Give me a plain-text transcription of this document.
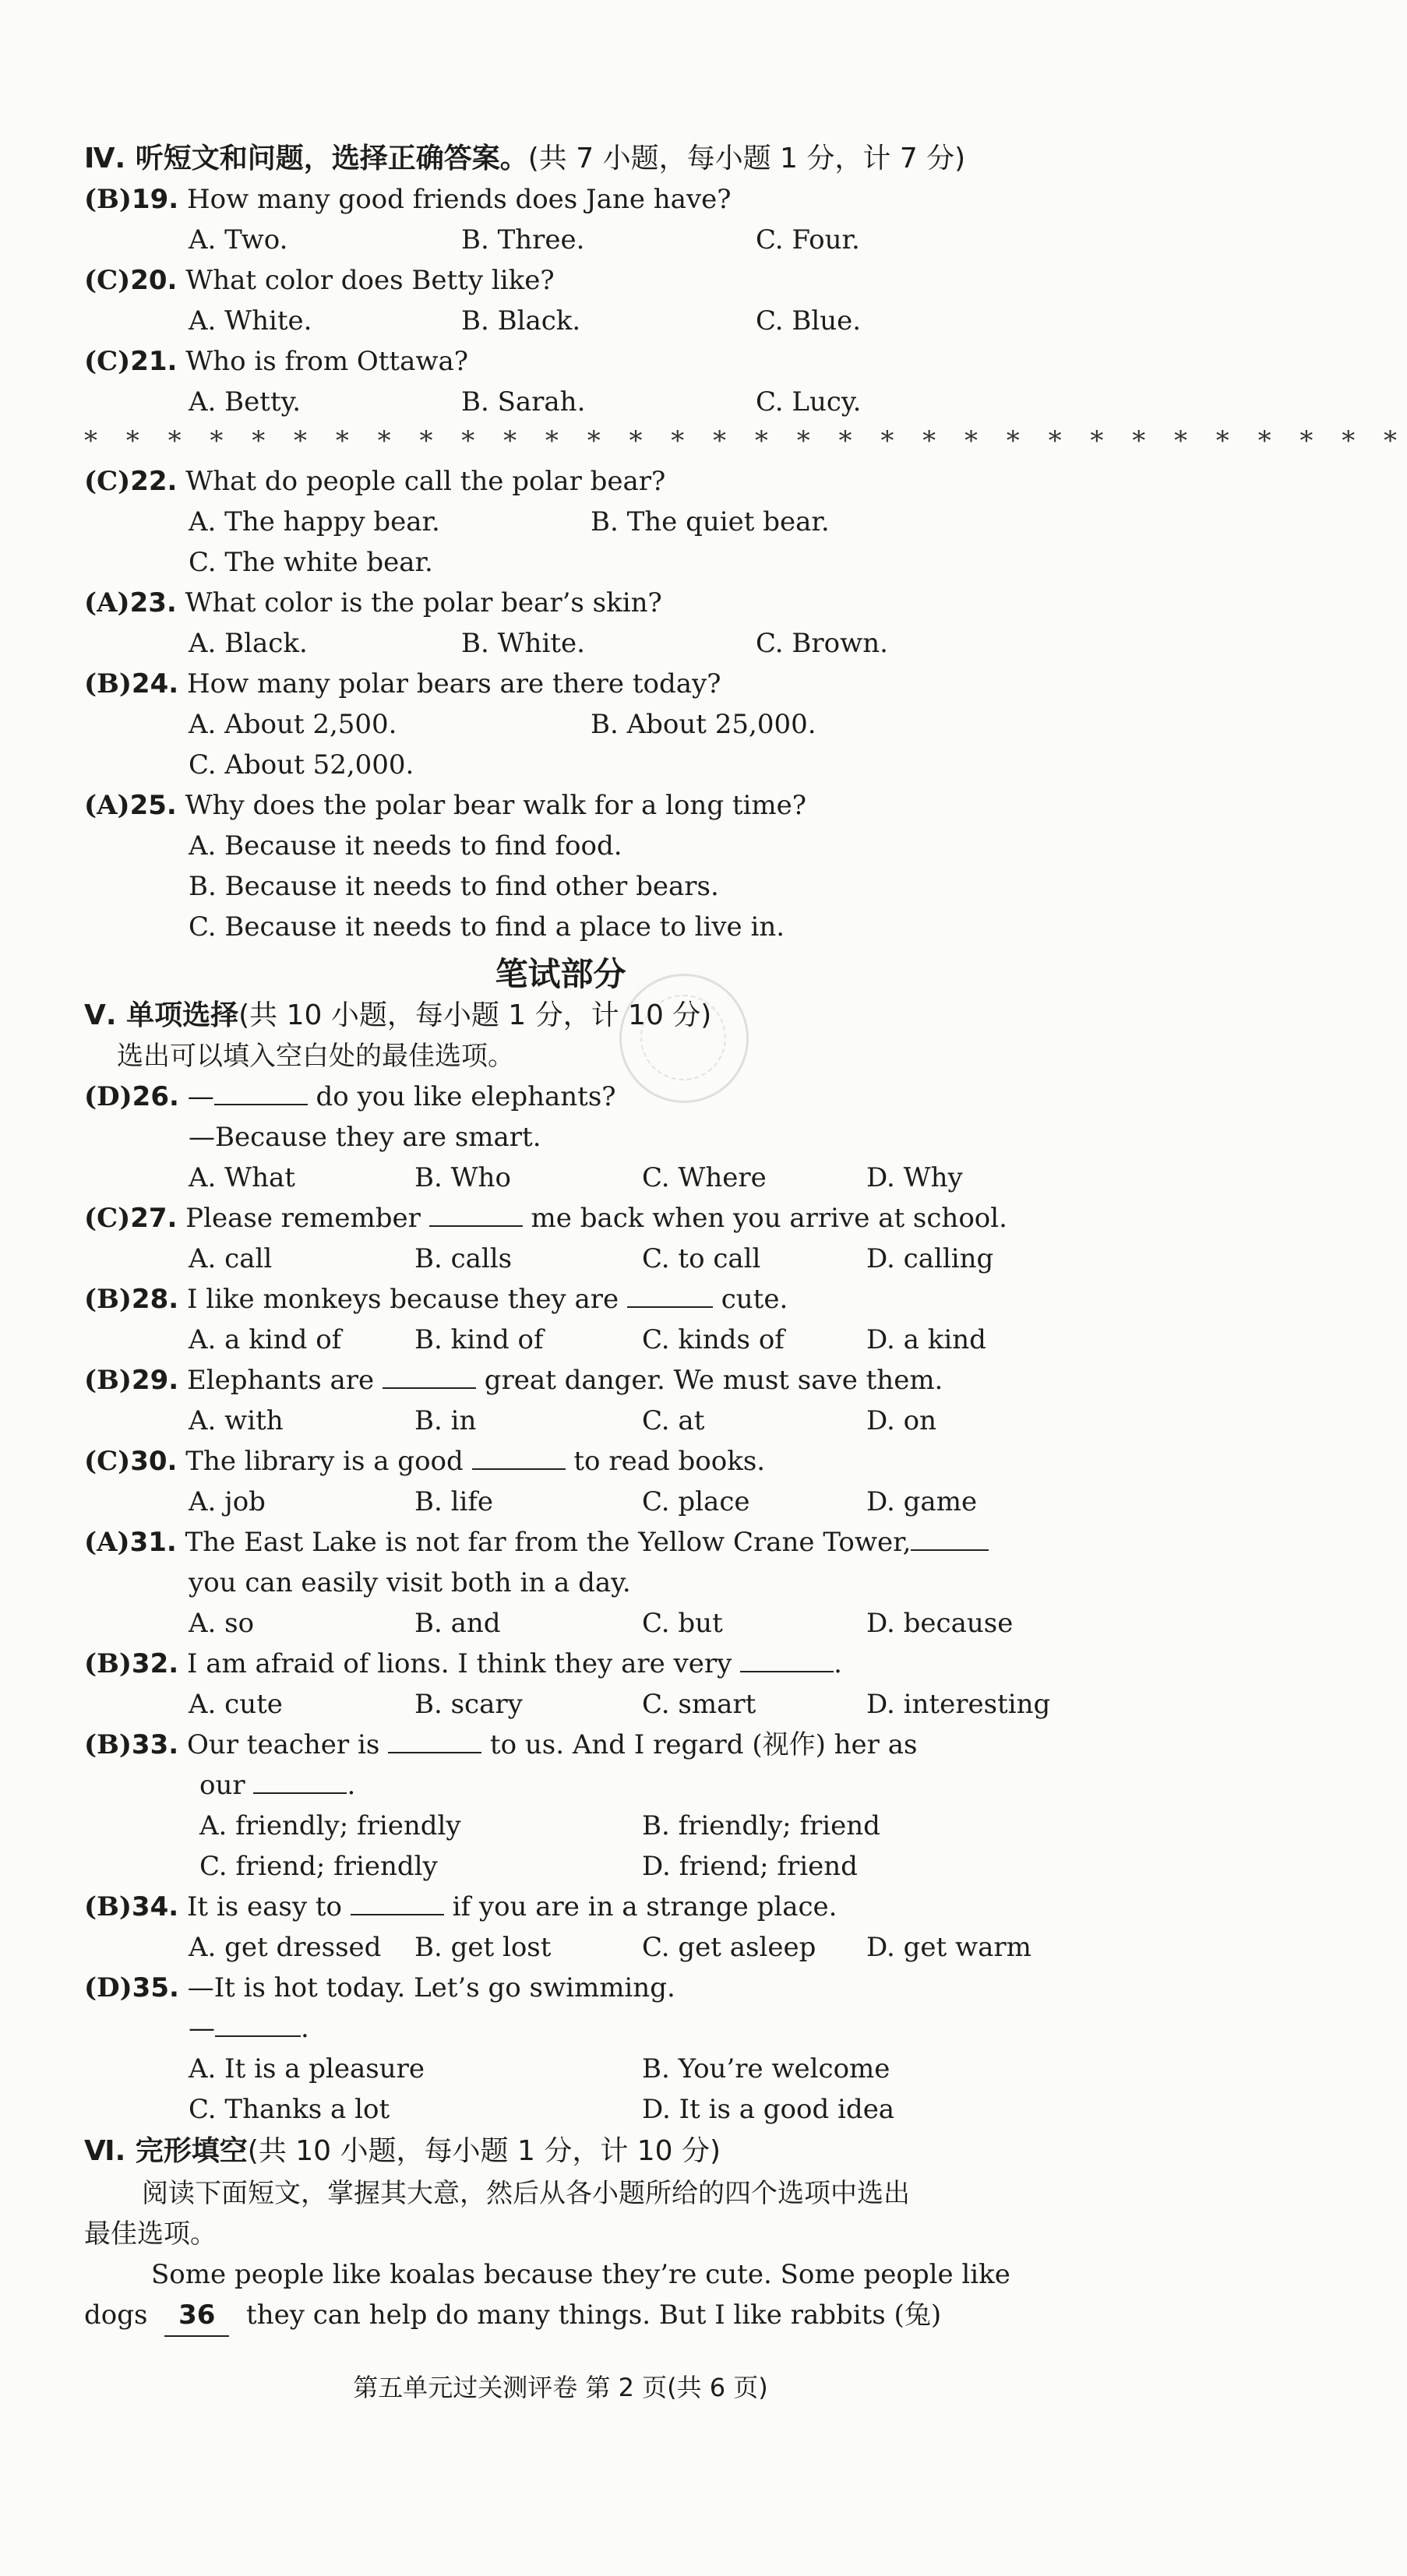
Ⅳ. 听短文和问题，选择正确答案。(共 7 小题，每小题 1 分，计 7 分)
(B)19. How many good friends does Jane have?
A. Two.	B. Three.	C. Four.
(C)20. What color does Betty like?
A. White.	B. Black.	C. Blue.
(C)21. Who is from Ottawa?
A. Betty.	B. Sarah.	C. Lucy.
* * * * * * * * * * * * * * * * * * * * * * * * * * * * * * * *
(C)22. What do people call the polar bear?
A. The happy bear.	B. The quiet bear.
C. The white bear.
(A)23. What color is the polar bear’s skin?
A. Black.	B. White.	C. Brown.
(B)24. How many polar bears are there today?
A. About 2,500.	B. About 25,000.
C. About 52,000.
(A)25. Why does the polar bear walk for a long time?
A. Because it needs to find food.
B. Because it needs to find other bears.
C. Because it needs to find a place to live in.
笔试部分
Ⅴ. 单项选择(共 10 小题，每小题 1 分，计 10 分)
选出可以填入空白处的最佳选项。
(D)26. —	do you like elephants?
—Because they are smart.
A. What	B. Who	C. Where	D. Why
(C)27. Please remember	me back when you arrive at school.
A. call	B. calls	C. to call	D. calling
(B)28. I like monkeys because they are	cute.
A. a kind of	B. kind of	C. kinds of	D. a kind
(B)29. Elephants are	great danger. We must save them.
A. with	B. in	C. at	D. on
(C)30. The library is a good	to read books.
A. job	B. life	C. place	D. game
(A)31. The East Lake is not far from the Yellow Crane Tower,
you can easily visit both in a day.
A. so	B. and	C. but	D. because
(B)32. I am afraid of lions. I think they are very	.
A. cute	B. scary	C. smart	D. interesting
(B)33. Our teacher is	to us. And I regard (视作) her as
our	.
A. friendly; friendly	B. friendly; friend
C. friend; friendly	D. friend; friend
(B)34. It is easy to	if you are in a strange place.
A. get dressed B. get lost	C. get asleep D. get warm
(D)35. —It is hot today. Let’s go swimming.
—	.
A. It is a pleasure	B. You’re welcome
C. Thanks a lot	D. It is a good idea
Ⅵ. 完形填空(共 10 小题，每小题 1 分，计 10 分)
阅读下面短文，掌握其大意，然后从各小题所给的四个选项中选出
最佳选项。
Some people like koalas because they’re cute. Some people like
dogs 36 they can help do many things. But I like rabbits (兔)
第五单元过关测评卷 第 2 页(共 6 页)
